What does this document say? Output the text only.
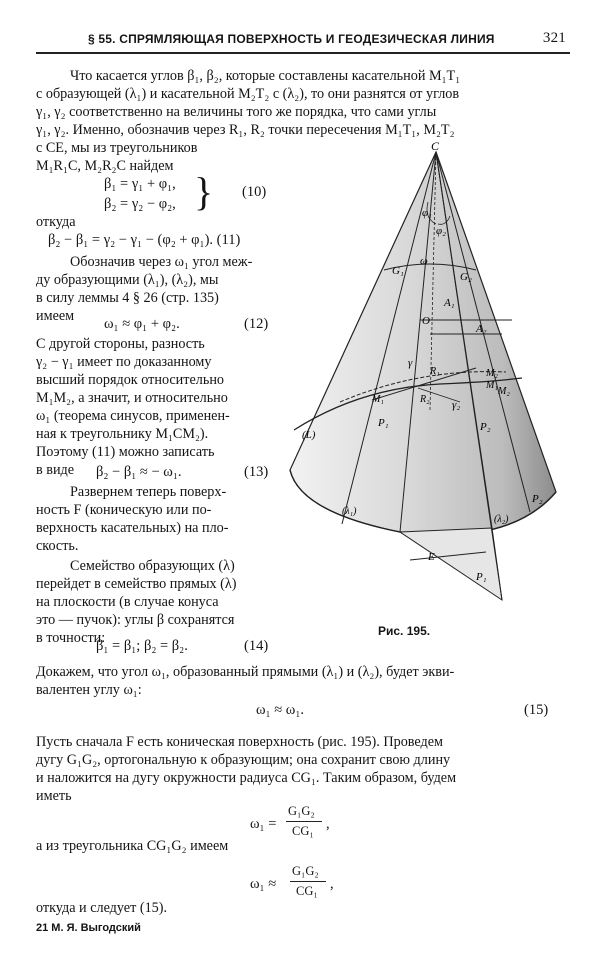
§ 55. СПРЯМЛЯЮЩАЯ ПОВЕРХНОСТЬ И ГЕОДЕЗИЧЕСКАЯ ЛИНИЯ	321
Что касается углов β₁, β₂, которые составлены касательной M₁T₁
с образующей (λ₁) и касательной M₂T₂ с (λ₂), то они разнятся от углов
γ₁, γ₂ соответственно на величины того же порядка, что сами углы
γ₁, γ₂. Именно, обозначив через R₁, R₂ точки пересечения M₁T₁, M₂T₂
с CE, мы из треугольников
M₁R₁C, M₂R₂C найдем
β₁ = γ₁ + φ₁,
β₂ = γ₂ − φ₂, } (10)
откуда
β₂ − β₁ = γ₂ − γ₁ − (φ₂ + φ₁). (11)
Обозначив через ω₁ угол меж-
ду образующими (λ₁), (λ₂), мы
в силу леммы 4 § 26 (стр. 135)
имеем ω₁ ≈ φ₁ + φ₂.	(12)
С другой стороны, разность
γ₂ − γ₁ имеет по доказанному
высший порядок относительно
M₁M₂, а значит, и относительно
ω₁ (теорема синусов, применен-
ная к треугольнику M₁CM₂).
Поэтому (11) можно записать
в виде β₂ − β₁ ≈ − ω₁.	(13)
Развернем теперь поверх-
ность F (коническую или по-
верхность касательных) на пло-
скость.
Семейство образующих (λ)
перейдет в семейство прямых (λ)
на плоскости (в случае конуса
это — пучок): углы β сохранятся
в точности:
β₁ = β₁; β₂ = β₂.	(14)
C
φ₁
φ₂
ω
G₁	G₂
A₁
O
A₂
γ
γ₂
R₁
R₂
M₁
M₂
M₁
M₂
P₁	P₂
P₂
(L)
(λ₁)
(λ₂)
E
P₁
Рис. 195.
Докажем, что угол ω₁, образованный прямыми (λ₁) и (λ₂), будет экви-
валентен углу ω₁:
ω₁ ≈ ω₁.	(15)
Пусть сначала F есть коническая поверхность (рис. 195). Проведем
дугу G₁G₂, ортогональную к образующим; она сохранит свою длину
и наложится на дугу окружности радиуса CG₁. Таким образом, будем
иметь
ω₁ =
G₁G₂
CG₁ ,
а из треугольника CG₁G₂ имеем
ω₁ ≈
G₁G₂
CG₁ ,
откуда и следует (15).
21 М. Я. Выгодский
